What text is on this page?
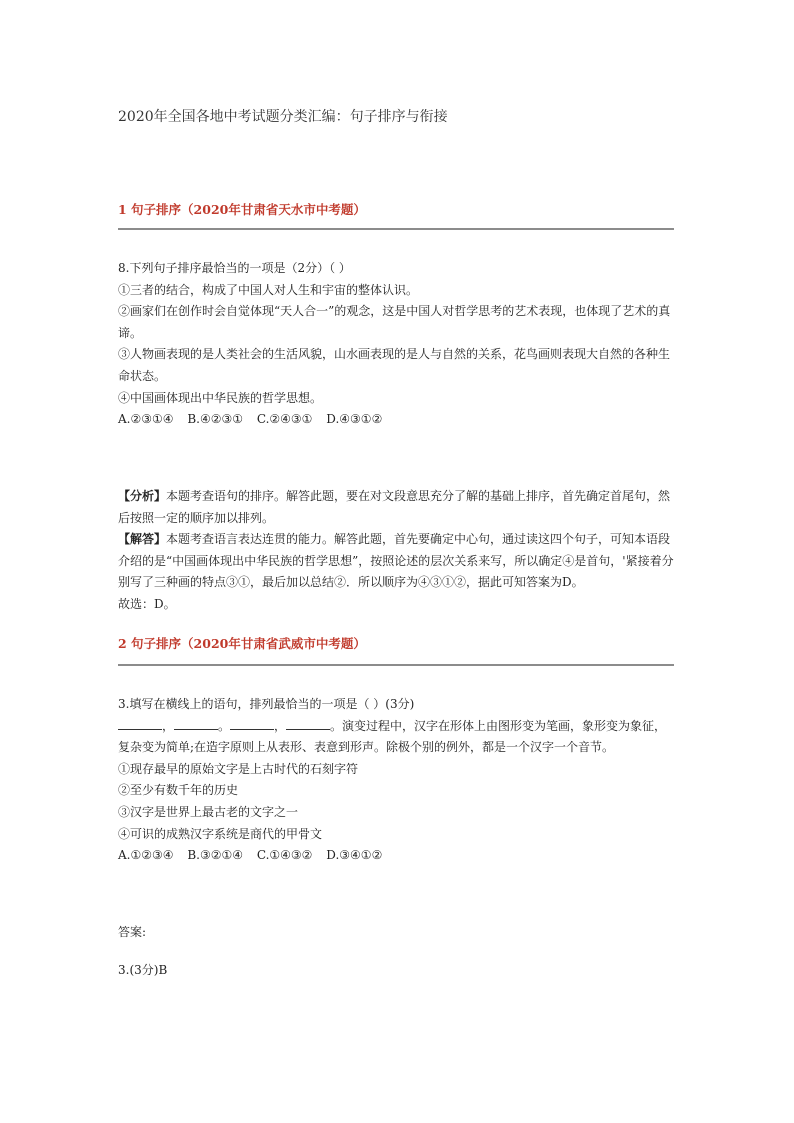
2020年全国各地中考试题分类汇编：句子排序与衔接
1 句子排序（2020年甘肃省天水市中考题）

8.下列句子排序最恰当的一项是（2分）（ ）

①三者的结合，构成了中国人对人生和宇宙的整体认识。

②画家们在创作时会自觉体现“天人合一”的观念，这是中国人对哲学思考的艺术表现，也体现了艺术的真谛。

③人物画表现的是人类社会的生活风貌，山水画表现的是人与自然的关系，花鸟画则表现大自然的各种生命状态。

④中国画体现出中华民族的哲学思想。

A.②③①④ B.④②③① C.②④③① D.④③①②

【分析】本题考查语句的排序。解答此题，要在对文段意思充分了解的基础上排序，首先确定首尾句，然后按照一定的顺序加以排列。

【解答】本题考查语言表达连贯的能力。解答此题，首先要确定中心句，通过读这四个句子，可知本语段介绍的是“中国画体现出中华民族的哲学思想”，按照论述的层次关系来写，所以确定④是首句，'紧接着分别写了三种画的特点③①，最后加以总结②．所以顺序为④③①②，据此可知答案为D。

故选：D。

2 句子排序（2020年甘肃省武威市中考题）

3.填写在横线上的语句，排列最恰当的一项是（ ）(3分)

，	。	，	。演变过程中，汉字在形体上由图形变为笔画，象形变为象征，复杂变为简单;在造字原则上从表形、表意到形声。除极个别的例外，都是一个汉字一个音节。

①现存最早的原始文字是上古时代的石刻字符

②至少有数千年的历史

③汉字是世界上最古老的文字之一

④可识的成熟汉字系统是商代的甲骨文

A.①②③④ B.③②①④ C.①④③② D.③④①②

答案:
3.(3分)B
